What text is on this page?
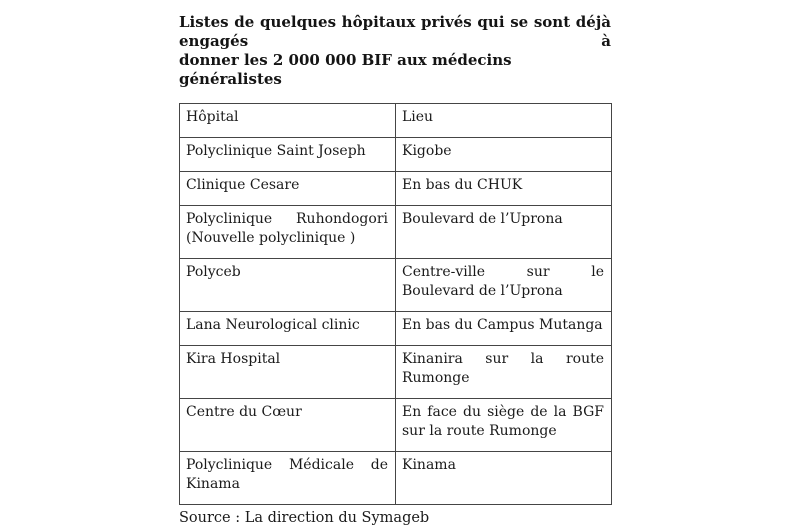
Listes de quelques hôpitaux privés qui se sont déjà engagés à
donner les 2 000 000 BIF aux médecins généralistes
Hôpital	Lieu
Polyclinique Saint Joseph	Kigobe
Clinique Cesare	En bas du CHUK
Polyclinique Ruhondogori (Nouvelle polyclinique )	Boulevard de l’Uprona
Polyceb	Centre-ville sur le Boulevard de l’Uprona
Lana Neurological clinic	En bas du Campus Mutanga
Kira Hospital	Kinanira sur la route Rumonge
Centre du Cœur	En face du siège de la BGF sur la route Rumonge
Polyclinique Médicale de Kinama	Kinama
Source : La direction du Symageb
